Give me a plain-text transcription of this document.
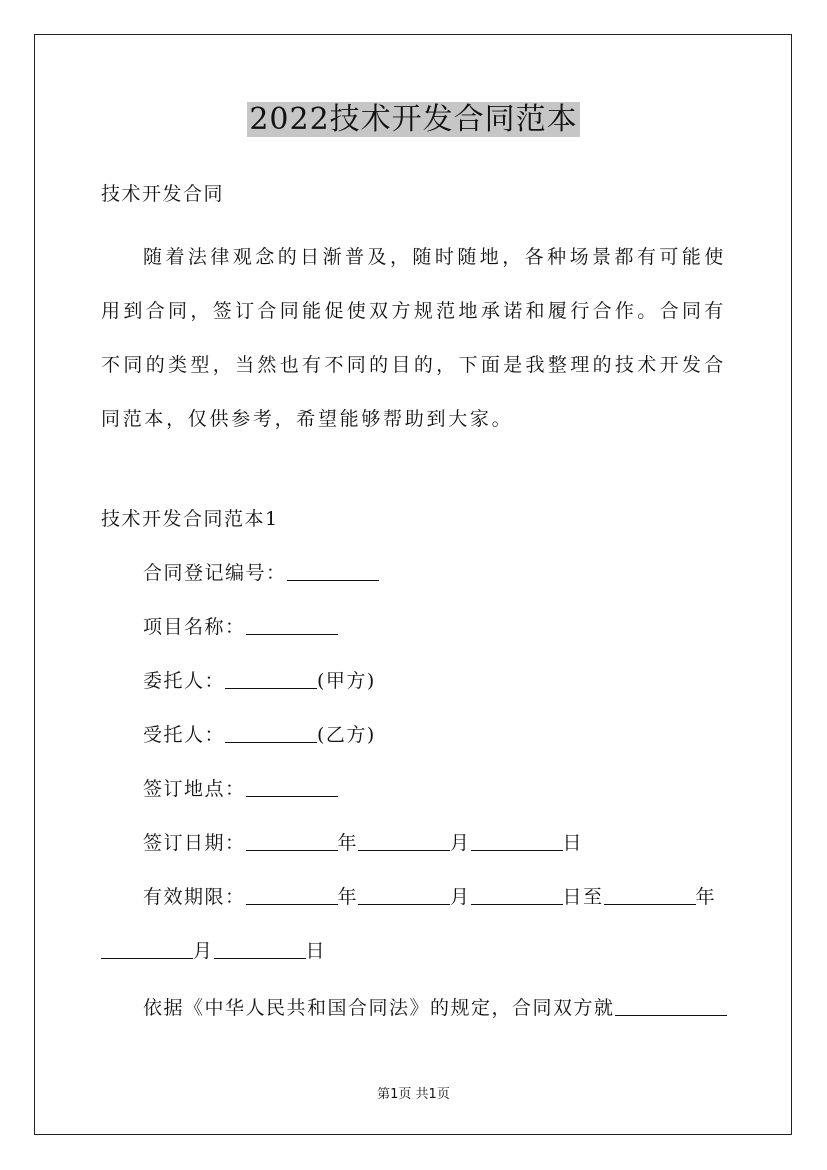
2022技术开发合同范本
技术开发合同

随着法律观念的日渐普及，随时随地，各种场景都有可能使用到合同，签订合同能促使双方规范地承诺和履行合作。合同有不同的类型，当然也有不同的目的，下面是我整理的技术开发合同范本，仅供参考，希望能够帮助到大家。

技术开发合同范本1
合同登记编号：
项目名称：
委托人：	(甲方)
受托人：	(乙方)
签订地点：
签订日期：	年	月	日
有效期限：	年	月	日至	年
月	日
依据《中华人民共和国合同法》的规定，合同双方就
第1页 共1页
